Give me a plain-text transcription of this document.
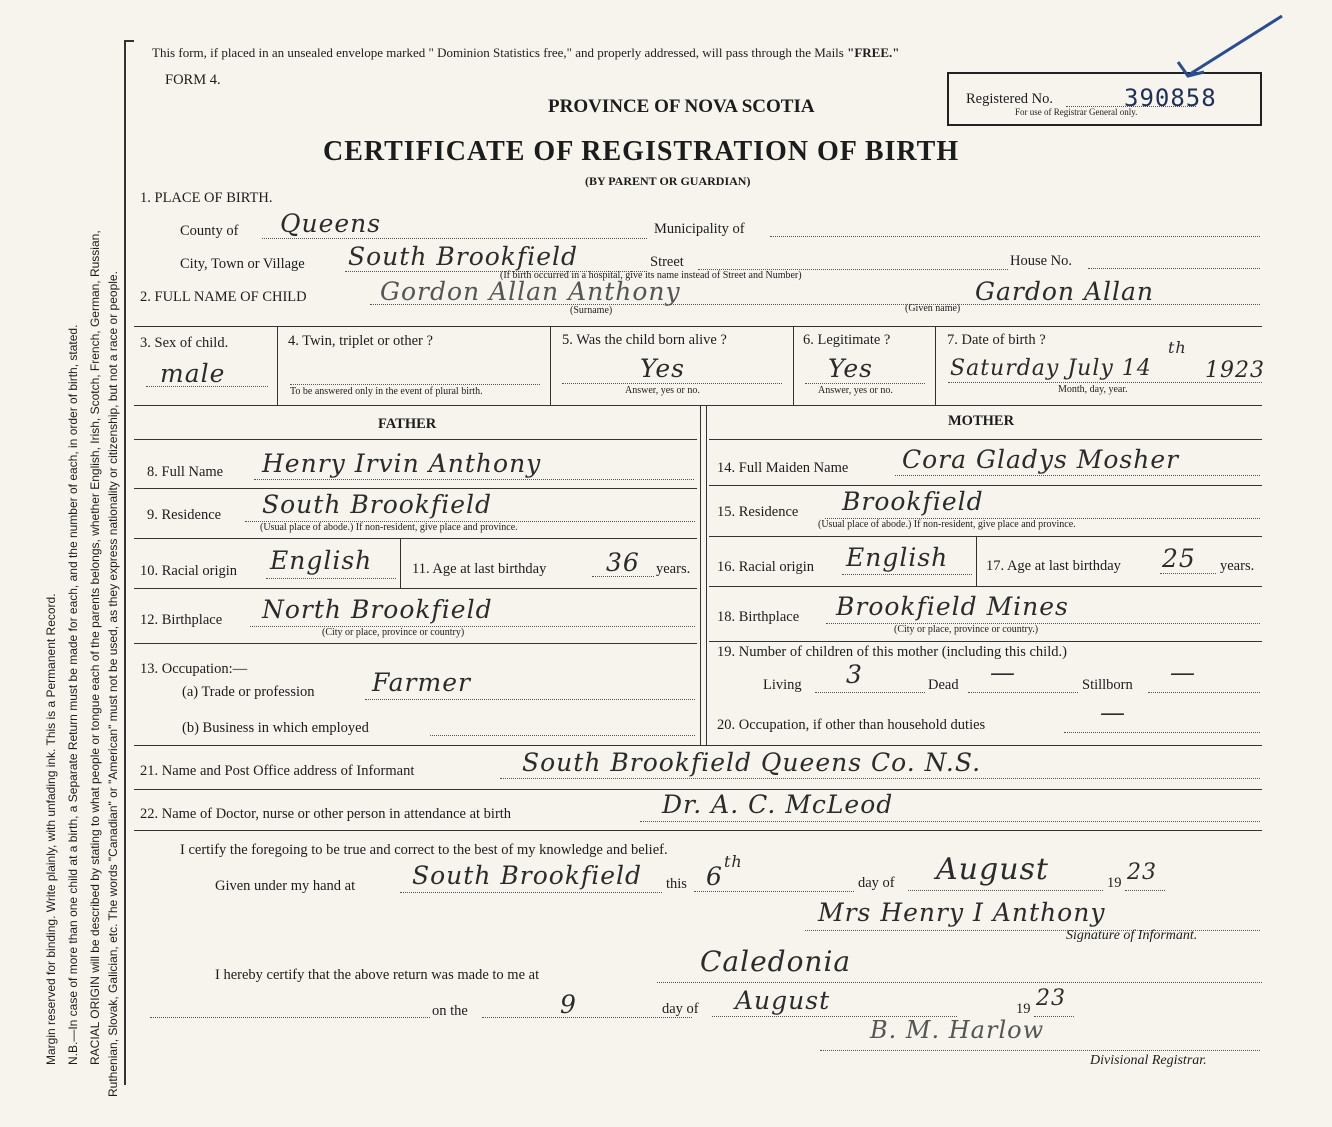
Margin reserved for binding. Write plainly, with unfading ink. This is a Permanent Record. N.B.—In case of more than one child at a birth, a Separate Return must be made for each, and the number of each, in order of birth, stated. RACIAL ORIGIN will be described by stating to what people or tongue each of the parents belongs, whether English, Irish, Scotch, French, German, Russian, Ruthenian, Slovak, Galician, etc. The words "Canadian" or "American" must not be used, as they express nationality or citizenship, but not a race or people.
This form, if placed in an unsealed envelope marked " Dominion Statistics free," and properly addressed, will pass through the Mails "FREE."
FORM 4.
PROVINCE OF NOVA SCOTIA
CERTIFICATE OF REGISTRATION OF BIRTH
(BY PARENT OR GUARDIAN)
Registered No.	390858
For use of Registrar General only.
1. PLACE OF BIRTH.
County of Queens	Municipality of
City, Town or Village South Brookfield	Street	House No.
(If birth occurred in a hospital, give its name instead of Street and Number)
2. FULL NAME OF CHILD	Gordon Allan Anthony	Gardon Allan
(Surname)	(Given name)
3. Sex of child.
male
4. Twin, triplet or other ?
To be answered only in the event of plural birth.
5. Was the child born alive ?
Yes
Answer, yes or no.
6. Legitimate ?
Yes
Answer, yes or no.
7. Date of birth ?
Saturday July 14
th
1923
Month, day, year.
FATHER	MOTHER
8. Full Name Henry Irvin Anthony
9. Residence South Brookfield
(Usual place of abode.) If non-resident, give place and province.
10. Racial origin English	11. Age at last birthday 36 years.
12. Birthplace North Brookfield
(City or place, province or country)
13. Occupation:—
(a) Trade or profession Farmer
(b) Business in which employed
14. Full Maiden Name Cora Gladys Mosher
15. Residence Brookfield
(Usual place of abode.) If non-resident, give place and province.
16. Racial origin English	17. Age at last birthday 25 years.
18. Birthplace Brookfield Mines
(City or place, province or country.)
19. Number of children of this mother (including this child.)
Living 3	Dead —	Stillborn —
20. Occupation, if other than household duties	—
21. Name and Post Office address of Informant	South Brookfield Queens Co. N.S.
22. Name of Doctor, nurse or other person in attendance at birth	Dr. A. C. McLeod
I certify the foregoing to be true and correct to the best of my knowledge and belief.
Given under my hand at South Brookfield this 6
th
day of August	19 23
Mrs Henry I Anthony
Signature of Informant.
I hereby certify that the above return was made to me at	Caledonia
on the	9	day of August	19 23
B. M. Harlow
Divisional Registrar.
